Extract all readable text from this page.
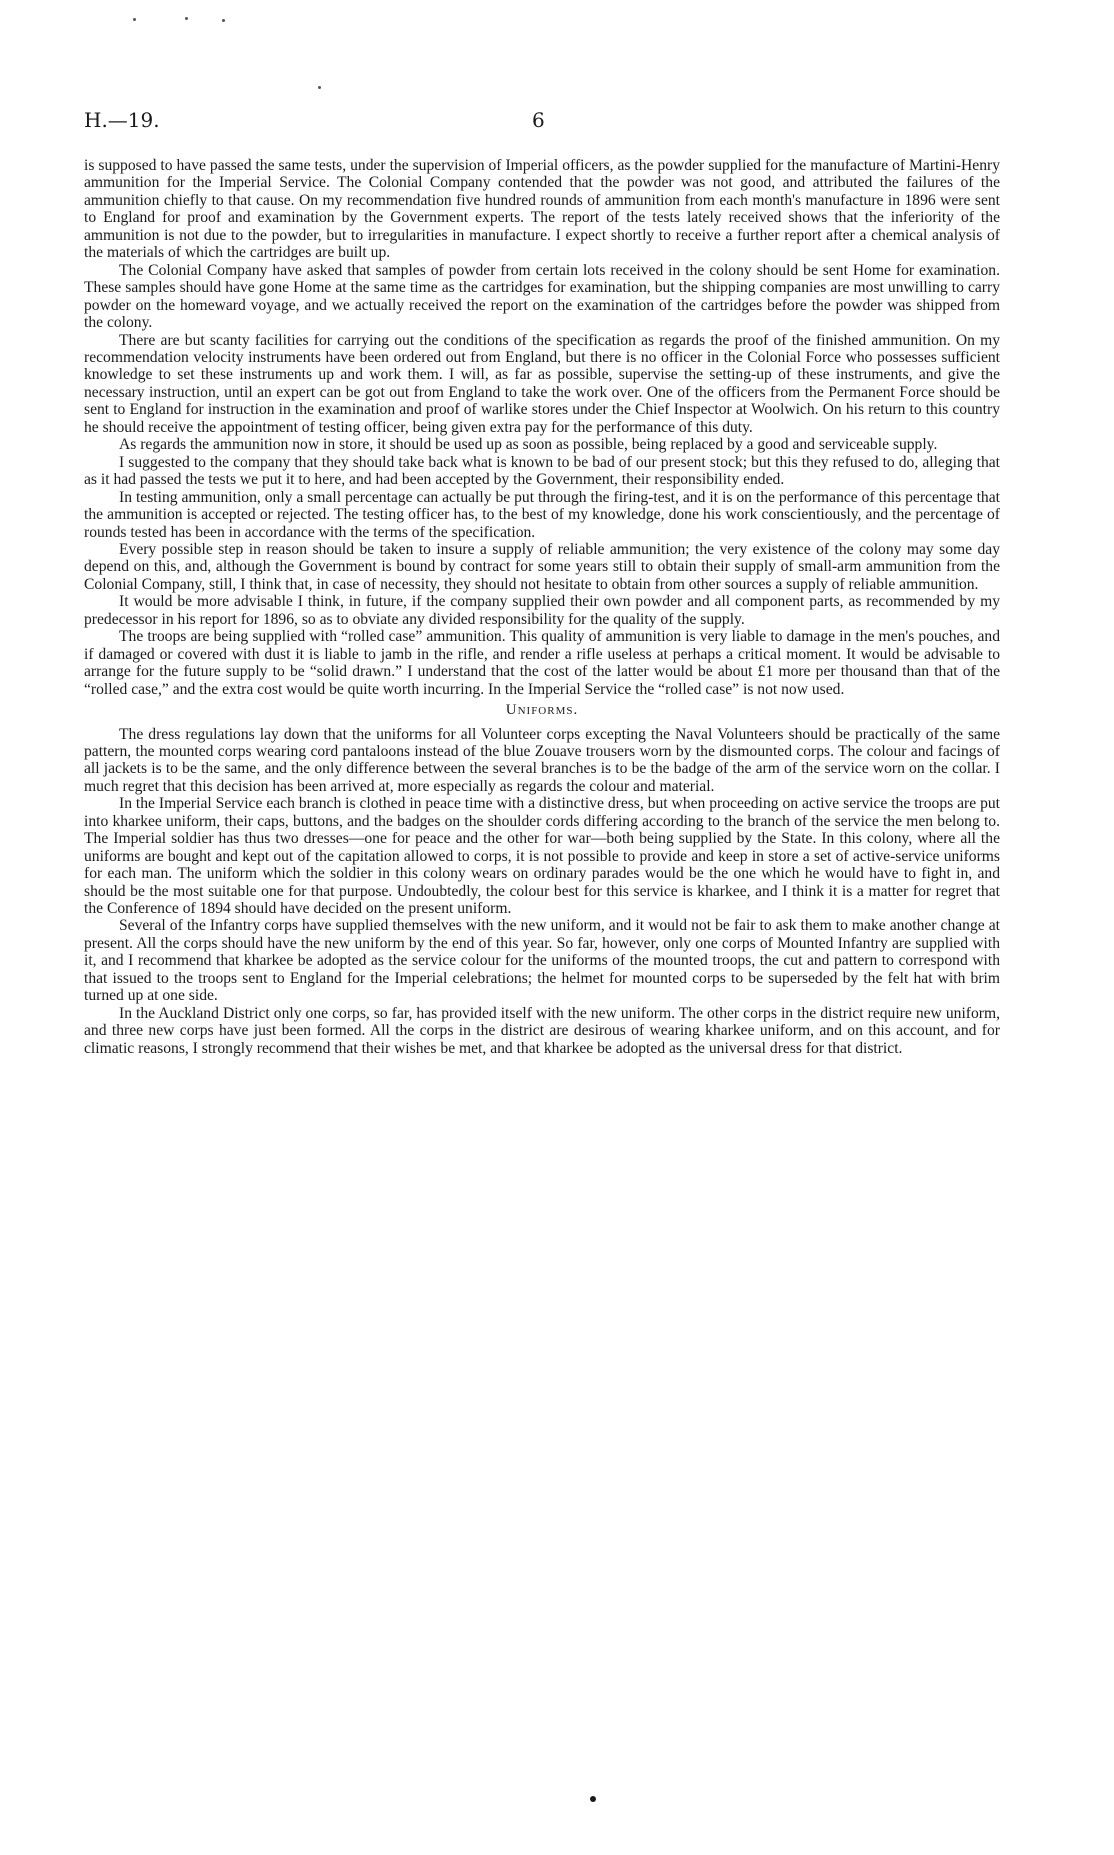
H.—19.	6

is supposed to have passed the same tests, under the supervision of Imperial officers, as the powder supplied for the manufacture of Martini-Henry ammunition for the Imperial Service. The Colonial Company contended that the powder was not good, and attributed the failures of the ammunition chiefly to that cause. On my recommendation five hundred rounds of ammunition from each month's manufacture in 1896 were sent to England for proof and examination by the Government experts. The report of the tests lately received shows that the inferiority of the ammunition is not due to the powder, but to irregularities in manufacture. I expect shortly to receive a further report after a chemical analysis of the materials of which the cartridges are built up.

The Colonial Company have asked that samples of powder from certain lots received in the colony should be sent Home for examination. These samples should have gone Home at the same time as the cartridges for examination, but the shipping companies are most unwilling to carry powder on the homeward voyage, and we actually received the report on the examination of the cartridges before the powder was shipped from the colony.

There are but scanty facilities for carrying out the conditions of the specification as regards the proof of the finished ammunition. On my recommendation velocity instruments have been ordered out from England, but there is no officer in the Colonial Force who possesses sufficient knowledge to set these instruments up and work them. I will, as far as possible, supervise the setting-up of these instruments, and give the necessary instruction, until an expert can be got out from England to take the work over. One of the officers from the Permanent Force should be sent to England for instruction in the examination and proof of warlike stores under the Chief Inspector at Woolwich. On his return to this country he should receive the appointment of testing officer, being given extra pay for the performance of this duty.

As regards the ammunition now in store, it should be used up as soon as possible, being replaced by a good and serviceable supply.

I suggested to the company that they should take back what is known to be bad of our present stock; but this they refused to do, alleging that as it had passed the tests we put it to here, and had been accepted by the Government, their responsibility ended.

In testing ammunition, only a small percentage can actually be put through the firing-test, and it is on the performance of this percentage that the ammunition is accepted or rejected. The testing officer has, to the best of my knowledge, done his work conscientiously, and the percentage of rounds tested has been in accordance with the terms of the specification.

Every possible step in reason should be taken to insure a supply of reliable ammunition; the very existence of the colony may some day depend on this, and, although the Government is bound by contract for some years still to obtain their supply of small-arm ammunition from the Colonial Company, still, I think that, in case of necessity, they should not hesitate to obtain from other sources a supply of reliable ammunition.

It would be more advisable I think, in future, if the company supplied their own powder and all component parts, as recommended by my predecessor in his report for 1896, so as to obviate any divided responsibility for the quality of the supply.

The troops are being supplied with “rolled case” ammunition. This quality of ammunition is very liable to damage in the men's pouches, and if damaged or covered with dust it is liable to jamb in the rifle, and render a rifle useless at perhaps a critical moment. It would be advisable to arrange for the future supply to be “solid drawn.” I understand that the cost of the latter would be about £1 more per thousand than that of the “rolled case,” and the extra cost would be quite worth incurring. In the Imperial Service the “rolled case” is not now used.

Uniforms.

The dress regulations lay down that the uniforms for all Volunteer corps excepting the Naval Volunteers should be practically of the same pattern, the mounted corps wearing cord pantaloons instead of the blue Zouave trousers worn by the dismounted corps. The colour and facings of all jackets is to be the same, and the only difference between the several branches is to be the badge of the arm of the service worn on the collar. I much regret that this decision has been arrived at, more especially as regards the colour and material.

In the Imperial Service each branch is clothed in peace time with a distinctive dress, but when proceeding on active service the troops are put into kharkee uniform, their caps, buttons, and the badges on the shoulder cords differing according to the branch of the service the men belong to. The Imperial soldier has thus two dresses—one for peace and the other for war—both being supplied by the State. In this colony, where all the uniforms are bought and kept out of the capitation allowed to corps, it is not possible to provide and keep in store a set of active-service uniforms for each man. The uniform which the soldier in this colony wears on ordinary parades would be the one which he would have to fight in, and should be the most suitable one for that purpose. Undoubtedly, the colour best for this service is kharkee, and I think it is a matter for regret that the Conference of 1894 should have decided on the present uniform.

Several of the Infantry corps have supplied themselves with the new uniform, and it would not be fair to ask them to make another change at present. All the corps should have the new uniform by the end of this year. So far, however, only one corps of Mounted Infantry are supplied with it, and I recommend that kharkee be adopted as the service colour for the uniforms of the mounted troops, the cut and pattern to correspond with that issued to the troops sent to England for the Imperial celebrations; the helmet for mounted corps to be superseded by the felt hat with brim turned up at one side.

In the Auckland District only one corps, so far, has provided itself with the new uniform. The other corps in the district require new uniform, and three new corps have just been formed. All the corps in the district are desirous of wearing kharkee uniform, and on this account, and for climatic reasons, I strongly recommend that their wishes be met, and that kharkee be adopted as the universal dress for that district.
